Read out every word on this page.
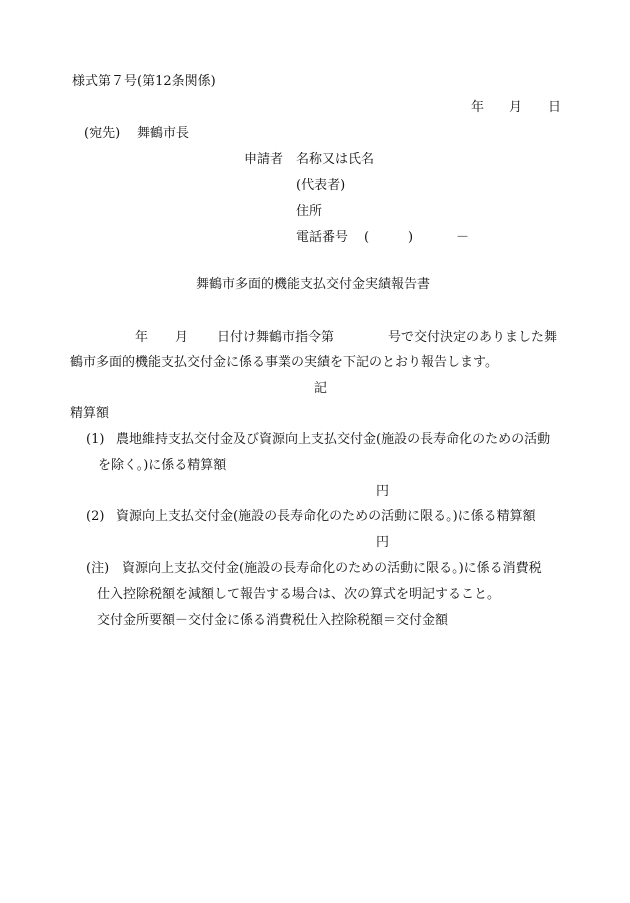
様式第７号(第12条関係)
年 月 日
(宛先) 舞鶴市長
申請者 名称又は氏名
(代表者)
住所
電話番号 (	)	－
舞鶴市多面的機能支払交付金実績報告書
年 月 日付け舞鶴市指令第	号で交付決定のありました舞
鶴市多面的機能支払交付金に係る事業の実績を下記のとおり報告します。
記
精算額
(1) 農地維持支払交付金及び資源向上支払交付金(施設の長寿命化のための活動
を除く。)に係る精算額
円
(2) 資源向上支払交付金(施設の長寿命化のための活動に限る。)に係る精算額
円
(注) 資源向上支払交付金(施設の長寿命化のための活動に限る。)に係る消費税
仕入控除税額を減額して報告する場合は、次の算式を明記すること。
交付金所要額－交付金に係る消費税仕入控除税額＝交付金額
